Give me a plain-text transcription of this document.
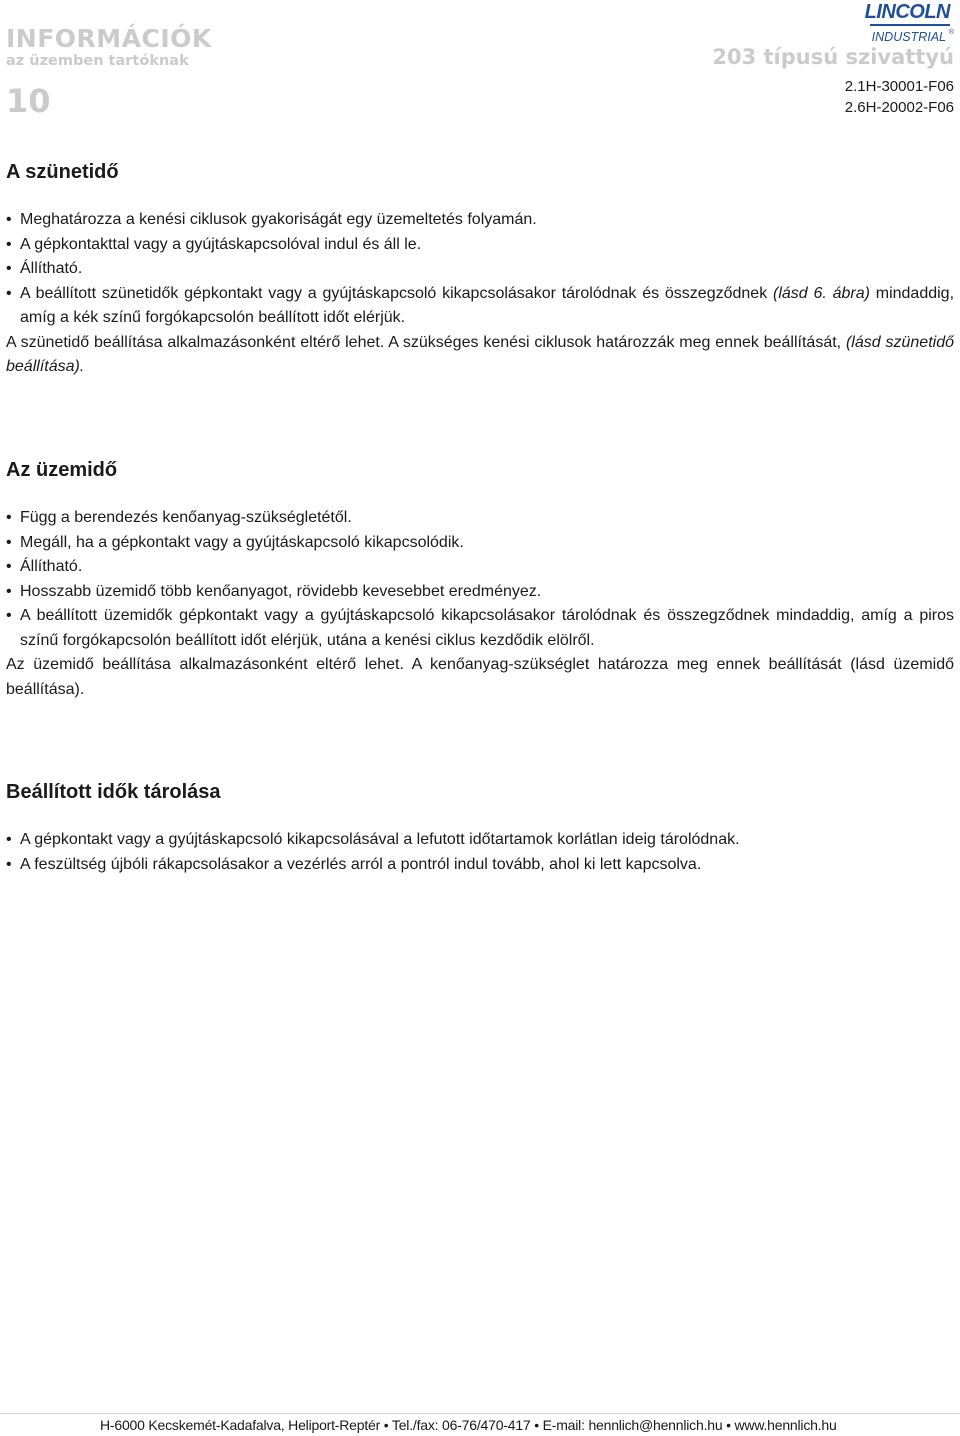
INFORMÁCIÓK
az üzemben tartóknak
10
LINCOLN
INDUSTRIAL ®
203 típusú szivattyú
2.1H-30001-F06
2.6H-20002-F06
A szünetidő
• Meghatározza a kenési ciklusok gyakoriságát egy üzemeltetés folyamán.
• A gépkontakttal vagy a gyújtáskapcsolóval indul és áll le.
• Állítható.
• A beállított szünetidők gépkontakt vagy a gyújtáskapcsoló kikapcsolásakor tárolódnak és összegződnek (lásd 6. ábra) mindaddig, amíg a kék színű forgókapcsolón beállított időt elérjük.

A szünetidő beállítása alkalmazásonként eltérő lehet. A szükséges kenési ciklusok határozzák meg ennek beállítását, (lásd szünetidő beállítása).

Az üzemidő
• Függ a berendezés kenőanyag-szükségletétől.
• Megáll, ha a gépkontakt vagy a gyújtáskapcsoló kikapcsolódik.
• Állítható.
• Hosszabb üzemidő több kenőanyagot, rövidebb kevesebbet eredményez.
• A beállított üzemidők gépkontakt vagy a gyújtáskapcsoló kikapcsolásakor tárolódnak és összegződnek mindaddig, amíg a piros színű forgókapcsolón beállított időt elérjük, utána a kenési ciklus kezdődik elölről.

Az üzemidő beállítása alkalmazásonként eltérő lehet. A kenőanyag-szükséglet határozza meg ennek beállítását (lásd üzemidő beállítása).

Beállított idők tárolása
• A gépkontakt vagy a gyújtáskapcsoló kikapcsolásával a lefutott időtartamok korlátlan ideig tárolódnak.
• A feszültség újbóli rákapcsolásakor a vezérlés arról a pontról indul tovább, ahol ki lett kapcsolva.
H-6000 Kecskemét-Kadafalva, Heliport-Reptér • Tel./fax: 06-76/470-417 • E-mail: hennlich@hennlich.hu • www.hennlich.hu
